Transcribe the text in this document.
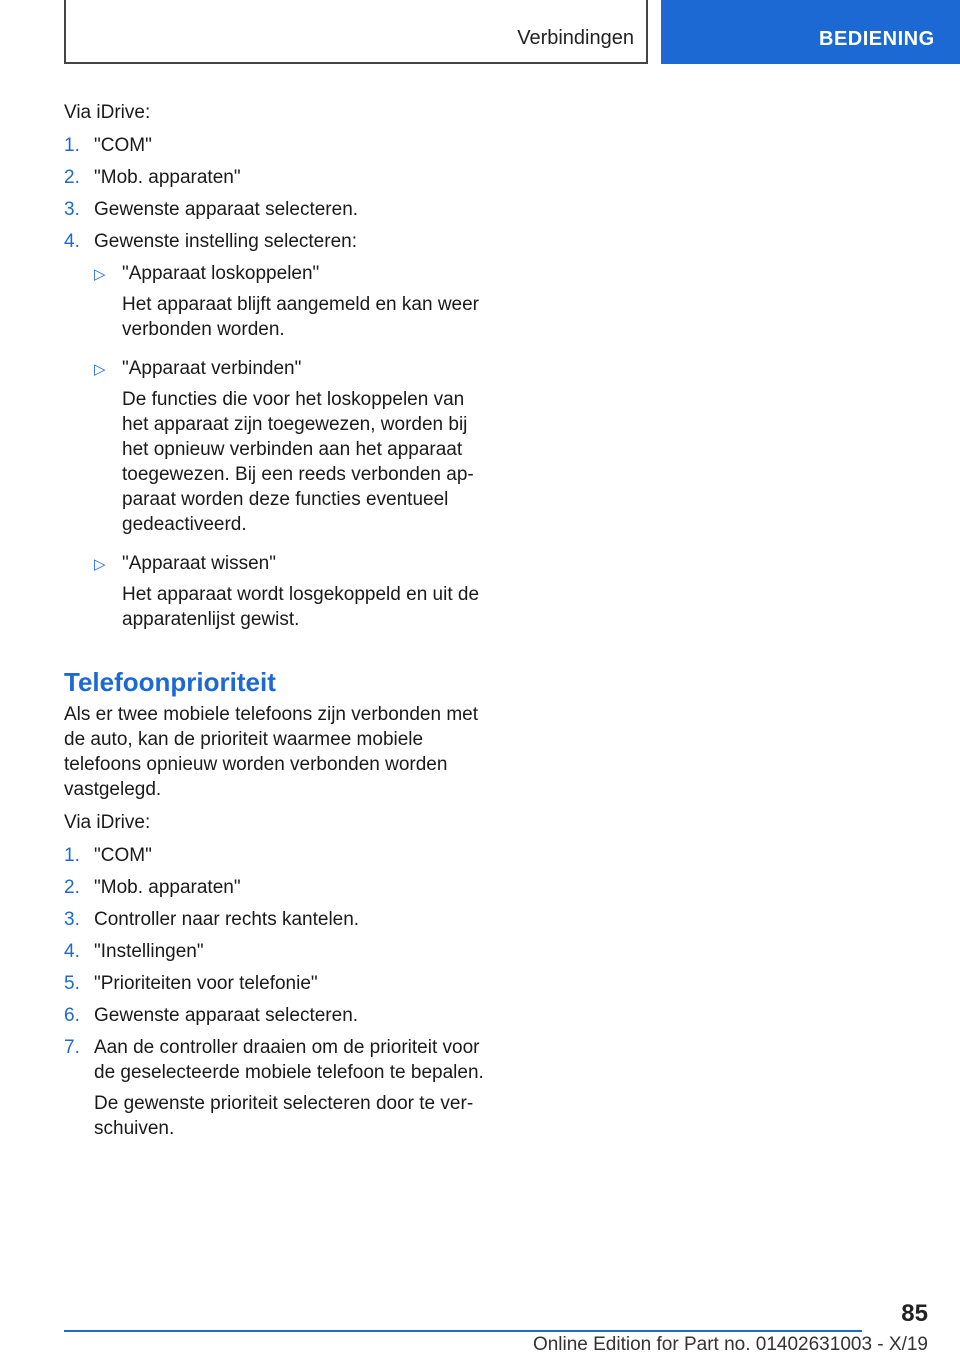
Verbindingen	BEDIENING

Via iDrive:

1. "COM"
2. "Mob. apparaten"
3. Gewenste apparaat selecteren.
4. Gewenste instelling selecteren:
▷ "Apparaat loskoppelen"
Het apparaat blijft aangemeld en kan weer verbonden worden.
▷ "Apparaat verbinden"
De functies die voor het loskoppelen van het apparaat zijn toegewezen, worden bij het opnieuw verbinden aan het apparaat toegewezen. Bij een reeds verbonden apparaat worden deze functies eventueel gedeactiveerd.
▷ "Apparaat wissen"
Het apparaat wordt losgekoppeld en uit de apparatenlijst gewist.
Telefoonprioriteit

Als er twee mobiele telefoons zijn verbonden met de auto, kan de prioriteit waarmee mobiele telefoons opnieuw worden verbonden worden vastgelegd.

Via iDrive:

1. "COM"
2. "Mob. apparaten"
3. Controller naar rechts kantelen.
4. "Instellingen"
5. "Prioriteiten voor telefonie"
6. Gewenste apparaat selecteren.
7. Aan de controller draaien om de prioriteit voor de geselecteerde mobiele telefoon te bepalen.
De gewenste prioriteit selecteren door te verschuiven.
85
Online Edition for Part no. 01402631003 - X/19
